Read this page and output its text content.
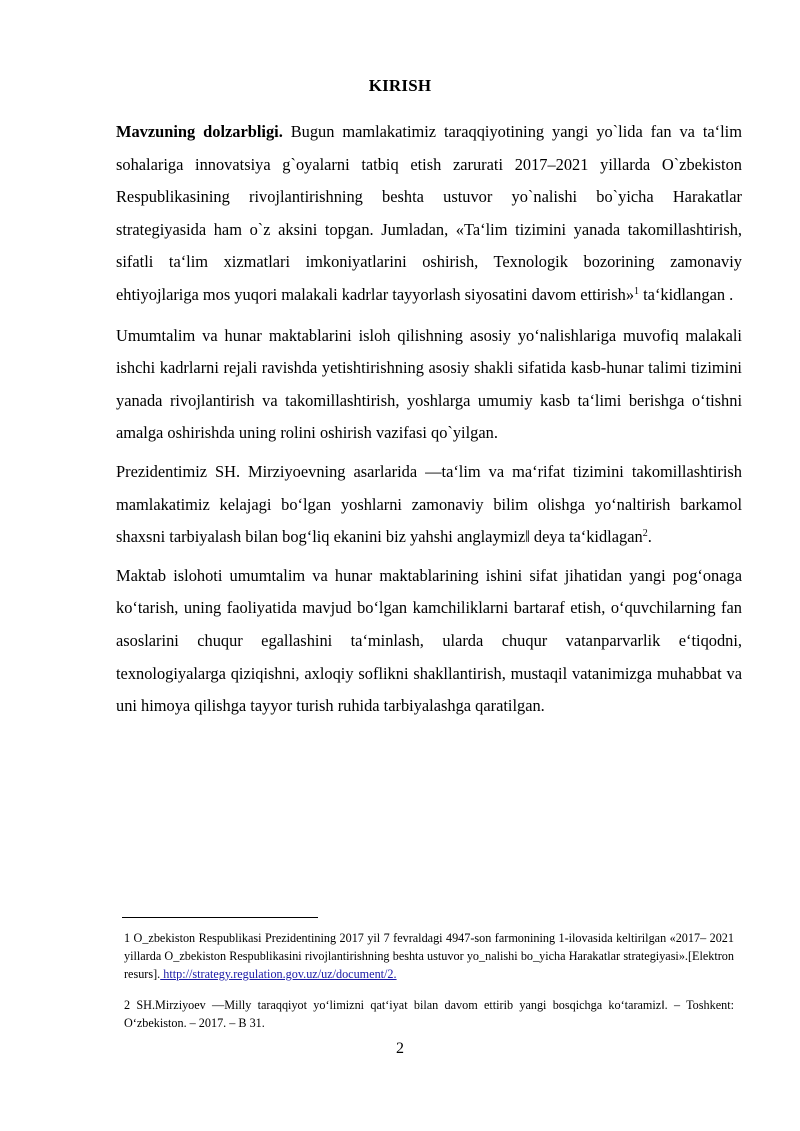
KIRISH

Mavzuning dolzarbligi. Bugun mamlakatimiz taraqqiyotining yangi yo`lida fan va ta‘lim sohalariga innovatsiya g`oyalarni tatbiq etish zarurati 2017–2021 yillarda O`zbekiston Respublikasining rivojlantirishning beshta ustuvor yo`nalishi bo`yicha Harakatlar strategiyasida ham o`z aksini topgan. Jumladan, «Ta‘lim tizimini yanada takomillashtirish, sifatli ta‘lim xizmatlari imkoniyatlarini oshirish, Texnologik bozorining zamonaviy ehtiyojlariga mos yuqori malakali kadrlar tayyorlash siyosatini davom ettirish»$^1$ ta‘kidlangan .

Umumtalim va hunar maktablarini isloh qilishning asosiy yo‘nalishlariga muvofiq malakali ishchi kadrlarni rejali ravishda yetishtirishning asosiy shakli sifatida kasb-hunar talimi tizimini yanada rivojlantirish va takomillashtirish, yoshlarga umumiy kasb ta‘limi berishga o‘tishni amalga oshirishda uning rolini oshirish vazifasi qo`yilgan.

Prezidentimiz SH. Mirziyoevning asarlarida ―ta‘lim va ma‘rifat tizimini takomillashtirish mamlakatimiz kelajagi bo‘lgan yoshlarni zamonaviy bilim olishga yo‘naltirish barkamol shaxsni tarbiyalash bilan bog‘liq ekanini biz yahshi anglaymiz‖ deya ta‘kidlagan$^2$.

Maktab islohoti umumtalim va hunar maktablarining ishini sifat jihatidan yangi pog‘onaga ko‘tarish, uning faoliyatida mavjud bo‘lgan kamchiliklarni bartaraf etish, o‘quvchilarning fan asoslarini chuqur egallashini ta‘minlash, ularda chuqur vatanparvarlik e‘tiqodni, texnologiyalarga qiziqishni, axloqiy soflikni shakllantirish, mustaqil vatanimizga muhabbat va uni himoya qilishga tayyor turish ruhida tarbiyalashga qaratilgan.

1 O_zbekiston Respublikasi Prezidentining 2017 yil 7 fevraldagi 4947-son farmonining 1-ilovasida keltirilgan «2017– 2021 yillarda O_zbekiston Respublikasini rivojlantirishning beshta ustuvor yo_nalishi bo_yicha Harakatlar strategiyasi».[Elektron resurs]. http://strategy.regulation.gov.uz/uz/document/2.

2 SH.Mirziyoev ―Milly taraqqiyot yo‘limizni qat‘iyat bilan davom ettirib yangi bosqichga ko‘taramiz‖. – Toshkent: O‘zbekiston. – 2017. – B 31.

2
